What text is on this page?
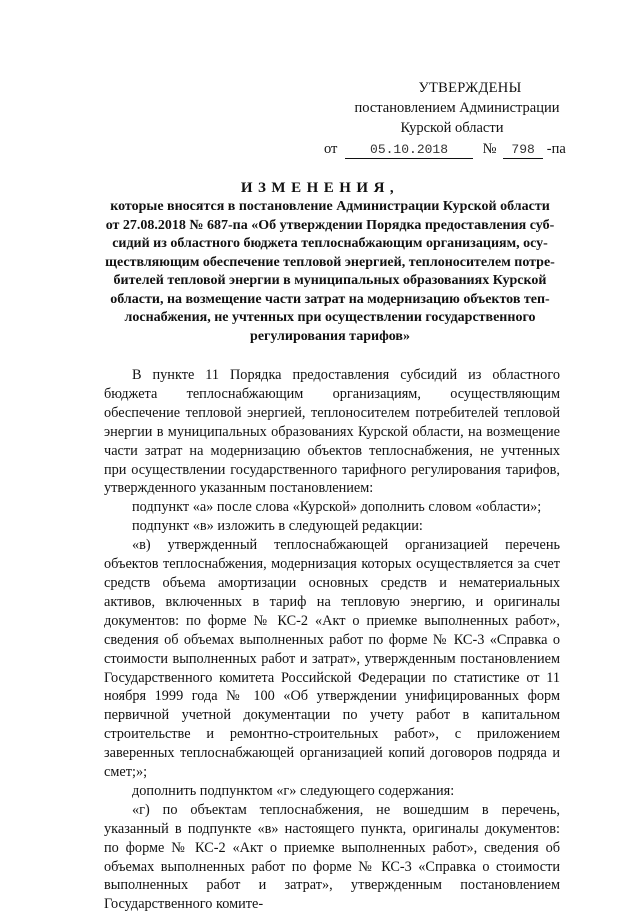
УТВЕРЖДЕНЫ
постановлением Администрации
Курской области
от	05.10.2018 № 798 -па
ИЗМЕНЕНИЯ,
которые вносятся в постановление Администрации Курской области
от 27.08.2018 № 687-па «Об утверждении Порядка предоставления суб-
сидий из областного бюджета теплоснабжающим организациям, осу-
ществляющим обеспечение тепловой энергией, теплоносителем потре-
бителей тепловой энергии в муниципальных образованиях Курской
области, на возмещение части затрат на модернизацию объектов теп-
лоснабжения, не учтенных при осуществлении государственного
регулирования тарифов»

В пункте 11 Порядка предоставления субсидий из областного бюджета теплоснабжающим организациям, осуществляющим обеспечение тепловой энергией, теплоносителем потребителей тепловой энергии в муниципальных образованиях Курской области, на возмещение части затрат на модернизацию объектов теплоснабжения, не учтенных при осуществлении государственного тарифного регулирования тарифов, утвержденного указанным постановлением:

подпункт «а» после слова «Курской» дополнить словом «области»;

подпункт «в» изложить в следующей редакции:

«в) утвержденный теплоснабжающей организацией перечень объектов теплоснабжения, модернизация которых осуществляется за счет средств объема амортизации основных средств и нематериальных активов, включенных в тариф на тепловую энергию, и оригиналы документов: по форме № КС-2 «Акт о приемке выполненных работ», сведения об объемах выполненных работ по форме № КС-3 «Справка о стоимости выполненных работ и затрат», утвержденным постановлением Государственного комитета Российской Федерации по статистике от 11 ноября 1999 года № 100 «Об утверждении унифицированных форм первичной учетной документации по учету работ в капитальном строительстве и ремонтно-строительных работ», с приложением заверенных теплоснабжающей организацией копий договоров подряда и смет;»;

дополнить подпунктом «г» следующего содержания:

«г) по объектам теплоснабжения, не вошедшим в перечень, указанный в подпункте «в» настоящего пункта, оригиналы документов: по форме № КС-2 «Акт о приемке выполненных работ», сведения об объемах выполненных работ по форме № КС-3 «Справка о стоимости выполненных работ и затрат», утвержденным постановлением Государственного комите-
